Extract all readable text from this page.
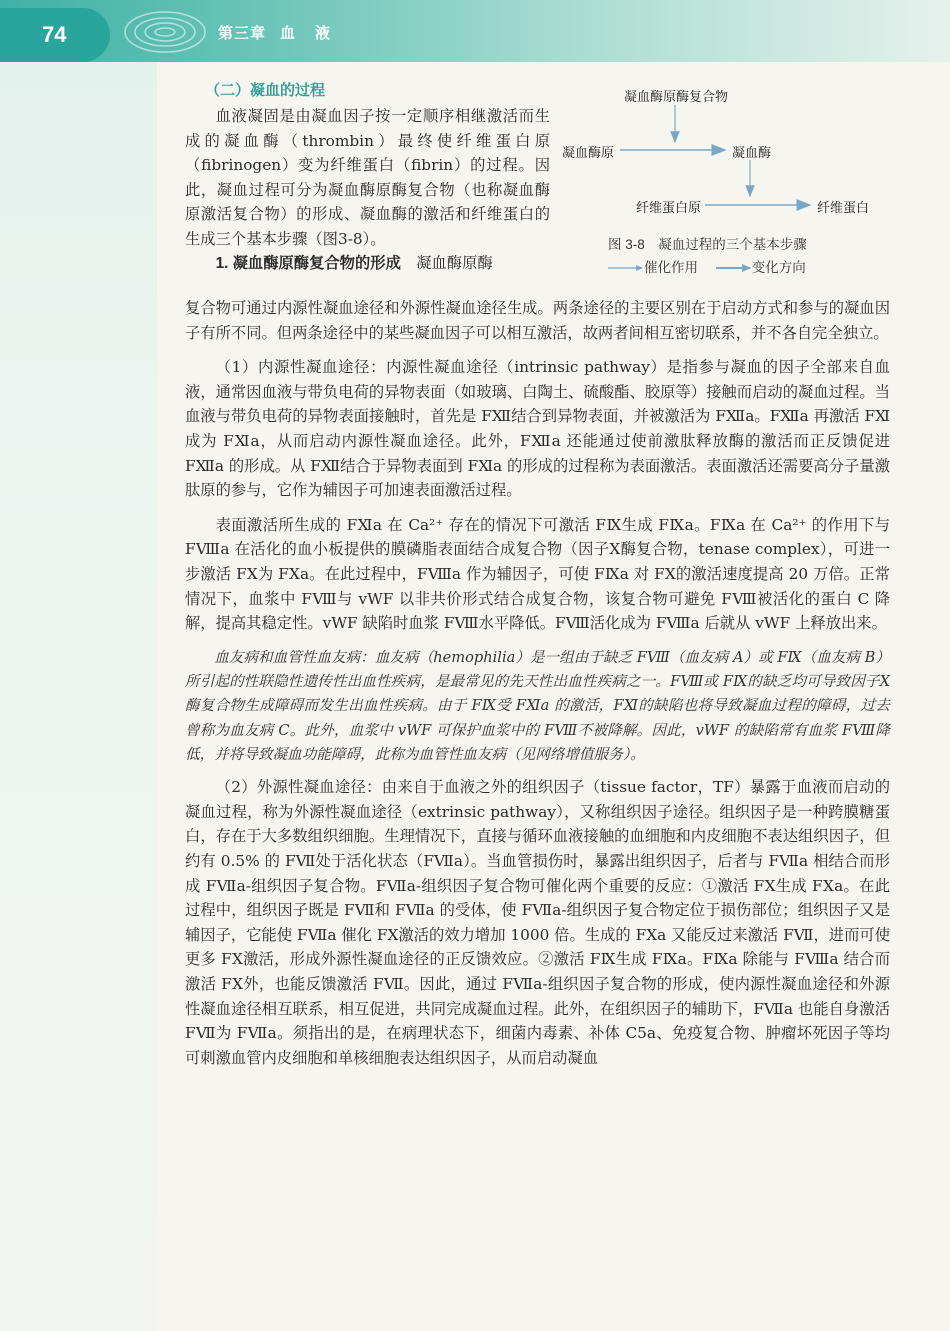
74	第三章 血液
（二）凝血的过程

血液凝固是由凝血因子按一定顺序相继激活而生成的凝血酶（thrombin）最终使纤维蛋白原（fibrinogen）变为纤维蛋白（fibrin）的过程。因此，凝血过程可分为凝血酶原酶复合物（也称凝血酶原激活复合物）的形成、凝血酶的激活和纤维蛋白的生成三个基本步骤（图3-8）。

1. 凝血酶原酶复合物的形成　 凝血酶原酶

凝血酶原酶复合物
凝血酶原	凝血酶
纤维蛋白原	纤维蛋白
图 3-8　凝血过程的三个基本步骤
催化作用	变化方向

复合物可通过内源性凝血途径和外源性凝血途径生成。两条途径的主要区别在于启动方式和参与的凝血因子有所不同。但两条途径中的某些凝血因子可以相互激活，故两者间相互密切联系，并不各自完全独立。

（1）内源性凝血途径：内源性凝血途径（intrinsic pathway）是指参与凝血的因子全部来自血液，通常因血液与带负电荷的异物表面（如玻璃、白陶土、硫酸酯、胶原等）接触而启动的凝血过程。当血液与带负电荷的异物表面接触时，首先是 FⅫ结合到异物表面，并被激活为 FⅫa。FⅫa 再激活 FⅪ成为 FⅪa，从而启动内源性凝血途径。此外，FⅫa 还能通过使前激肽释放酶的激活而正反馈促进 FⅫa 的形成。从 FⅫ结合于异物表面到 FⅪa 的形成的过程称为表面激活。表面激活还需要高分子量激肽原的参与，它作为辅因子可加速表面激活过程。

表面激活所生成的 FⅪa 在 Ca²⁺ 存在的情况下可激活 FⅨ生成 FⅨa。FⅨa 在 Ca²⁺ 的作用下与 FⅧa 在活化的血小板提供的膜磷脂表面结合成复合物（因子Ⅹ酶复合物，tenase complex），可进一步激活 FⅩ为 FⅩa。在此过程中，FⅧa 作为辅因子，可使 FⅨa 对 FⅩ的激活速度提高 20 万倍。正常情况下，血浆中 FⅧ与 vWF 以非共价形式结合成复合物，该复合物可避免 FⅧ被活化的蛋白 C 降解，提高其稳定性。vWF 缺陷时血浆 FⅧ水平降低。FⅧ活化成为 FⅧa 后就从 vWF 上释放出来。

血友病和血管性血友病：血友病（hemophilia）是一组由于缺乏 FⅧ（血友病 A）或 FⅨ（血友病 B）所引起的性联隐性遗传性出血性疾病，是最常见的先天性出血性疾病之一。FⅧ或 FⅨ的缺乏均可导致因子Ⅹ酶复合物生成障碍而发生出血性疾病。由于 FⅨ受 FⅪa 的激活，FⅪ的缺陷也将导致凝血过程的障碍，过去曾称为血友病 C。此外，血浆中 vWF 可保护血浆中的 FⅧ不被降解。因此，vWF 的缺陷常有血浆 FⅧ降低，并将导致凝血功能障碍，此称为血管性血友病（见网络增值服务）。

（2）外源性凝血途径：由来自于血液之外的组织因子（tissue factor，TF）暴露于血液而启动的凝血过程，称为外源性凝血途径（extrinsic pathway），又称组织因子途径。组织因子是一种跨膜糖蛋白，存在于大多数组织细胞。生理情况下，直接与循环血液接触的血细胞和内皮细胞不表达组织因子，但约有 0.5% 的 FⅦ处于活化状态（FⅦa）。当血管损伤时，暴露出组织因子，后者与 FⅦa 相结合而形成 FⅦa-组织因子复合物。FⅦa-组织因子复合物可催化两个重要的反应：①激活 FⅩ生成 FⅩa。在此过程中，组织因子既是 FⅦ和 FⅦa 的受体，使 FⅦa-组织因子复合物定位于损伤部位；组织因子又是辅因子，它能使 FⅦa 催化 FⅩ激活的效力增加 1000 倍。生成的 FⅩa 又能反过来激活 FⅦ，进而可使更多 FⅩ激活，形成外源性凝血途径的正反馈效应。②激活 FⅨ生成 FⅨa。FⅨa 除能与 FⅧa 结合而激活 FⅩ外，也能反馈激活 FⅦ。因此，通过 FⅦa-组织因子复合物的形成，使内源性凝血途径和外源性凝血途径相互联系，相互促进，共同完成凝血过程。此外，在组织因子的辅助下，FⅦa 也能自身激活 FⅦ为 FⅦa。须指出的是，在病理状态下，细菌内毒素、补体 C5a、免疫复合物、肿瘤坏死因子等均可刺激血管内皮细胞和单核细胞表达组织因子，从而启动凝血
